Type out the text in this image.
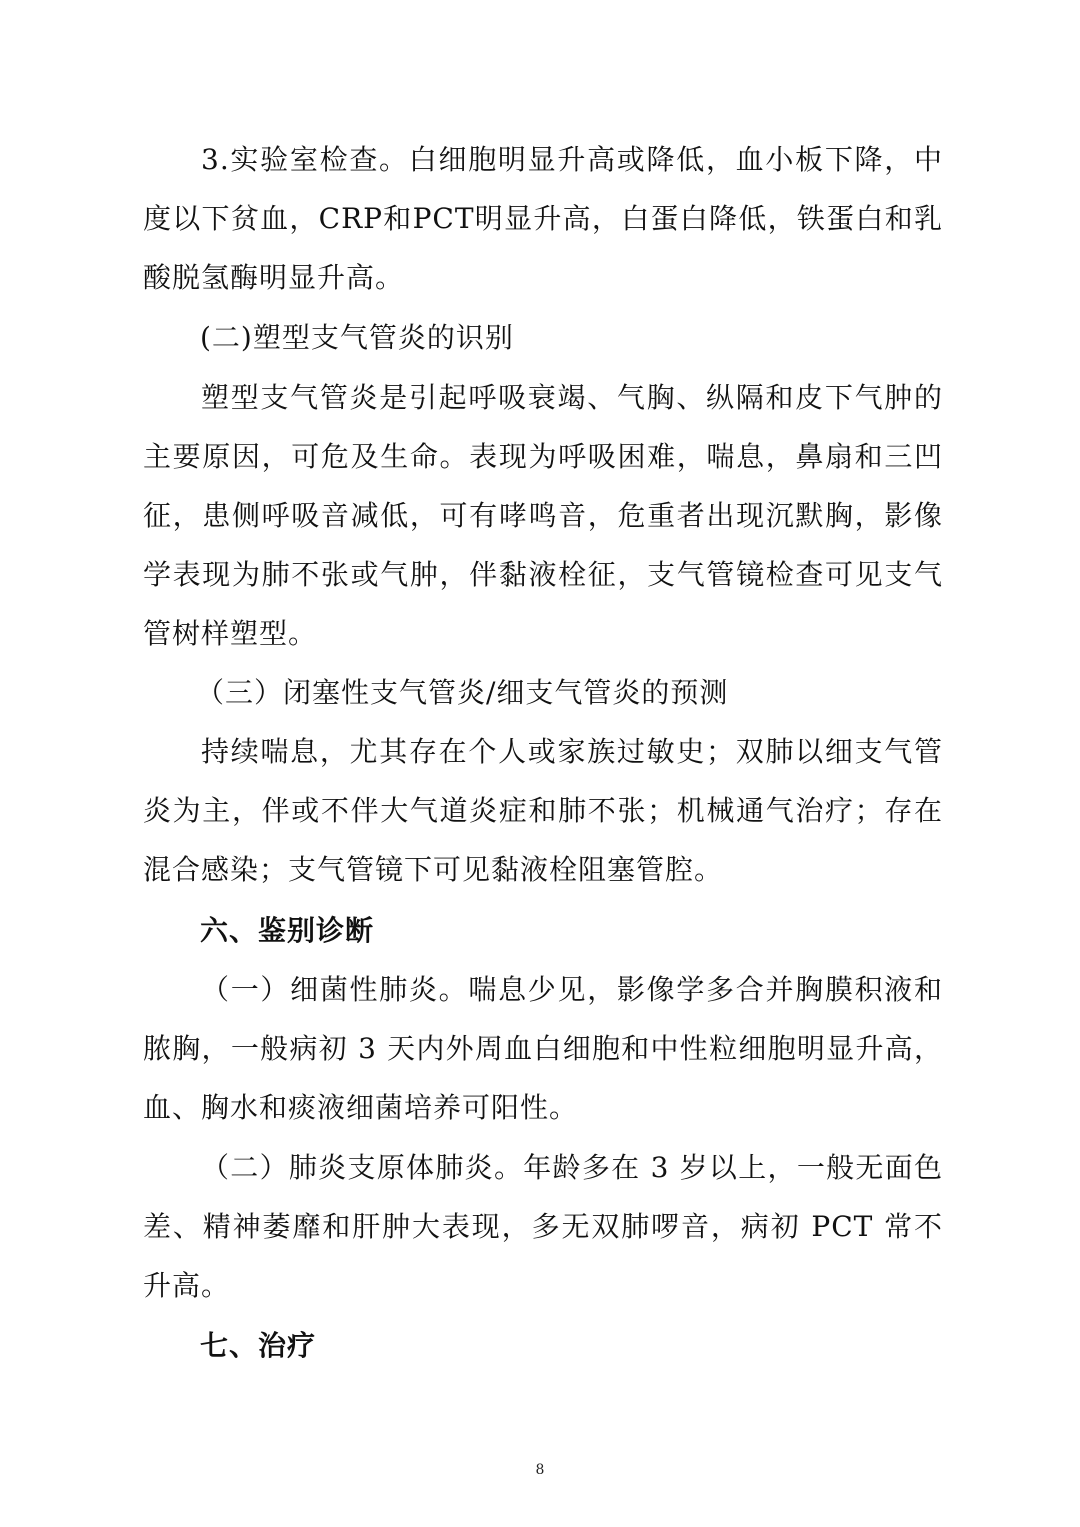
3.实验室检查。白细胞明显升高或降低，血小板下降，中度以下贫血，CRP和PCT明显升高，白蛋白降低，铁蛋白和乳酸脱氢酶明显升高。

(二)塑型支气管炎的识别

塑型支气管炎是引起呼吸衰竭、气胸、纵隔和皮下气肿的主要原因，可危及生命。表现为呼吸困难，喘息，鼻扇和三凹征，患侧呼吸音减低，可有哮鸣音，危重者出现沉默胸，影像学表现为肺不张或气肿，伴黏液栓征，支气管镜检查可见支气管树样塑型。

（三）闭塞性支气管炎/细支气管炎的预测

持续喘息，尤其存在个人或家族过敏史；双肺以细支气管炎为主，伴或不伴大气道炎症和肺不张；机械通气治疗；存在混合感染；支气管镜下可见黏液栓阻塞管腔。

六、鉴别诊断

（一）细菌性肺炎。喘息少见，影像学多合并胸膜积液和脓胸，一般病初 3 天内外周血白细胞和中性粒细胞明显升高，血、胸水和痰液细菌培养可阳性。

（二）肺炎支原体肺炎。年龄多在 3 岁以上，一般无面色差、精神萎靡和肝肿大表现，多无双肺啰音，病初 PCT 常不升高。

七、治疗
8
